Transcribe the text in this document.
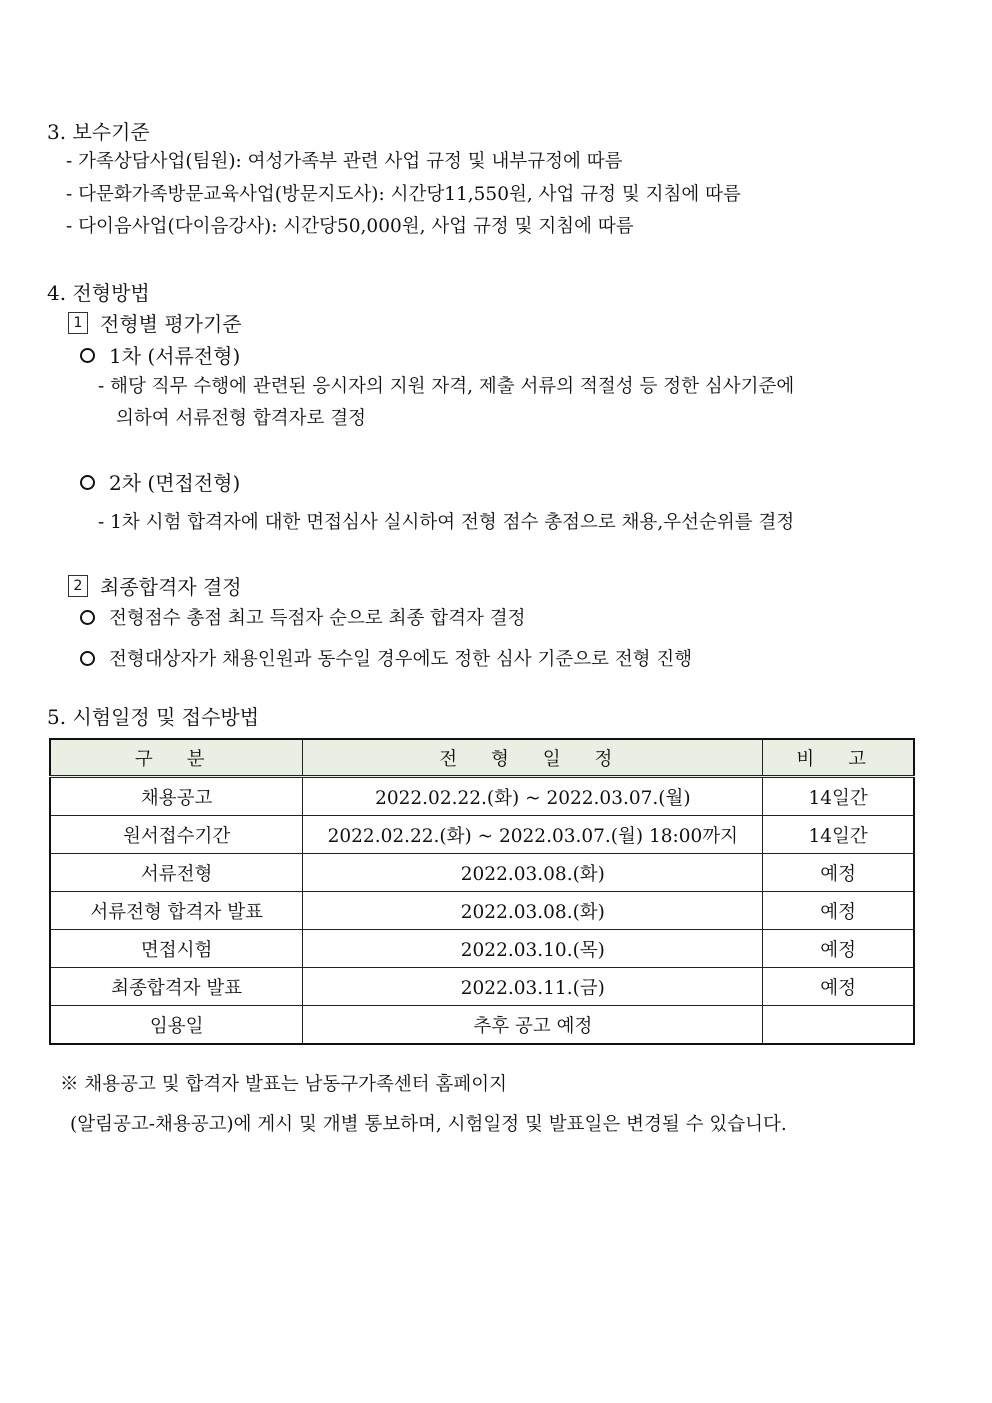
3. 보수기준
- 가족상담사업(팀원): 여성가족부 관련 사업 규정 및 내부규정에 따름
- 다문화가족방문교육사업(방문지도사): 시간당11,550원, 사업 규정 및 지침에 따름
- 다이음사업(다이음강사): 시간당50,000원, 사업 규정 및 지침에 따름
4. 전형방법
1 전형별 평가기준
1차 (서류전형)
- 해당 직무 수행에 관련된 응시자의 지원 자격, 제출 서류의 적절성 등 정한 심사기준에
의하여 서류전형 합격자로 결정
2차 (면접전형)
- 1차 시험 합격자에 대한 면접심사 실시하여 전형 점수 총점으로 채용,우선순위를 결정
2 최종합격자 결정
전형점수 총점 최고 득점자 순으로 최종 합격자 결정
전형대상자가 채용인원과 동수일 경우에도 정한 심사 기준으로 전형 진행
5. 시험일정 및 접수방법
구 분	전 형 일 정	비 고
채용공고	2022.02.22.(화) ~ 2022.03.07.(월)	14일간
원서접수기간	2022.02.22.(화) ~ 2022.03.07.(월) 18:00까지	14일간
서류전형	2022.03.08.(화)	예정
서류전형 합격자 발표	2022.03.08.(화)	예정
면접시험	2022.03.10.(목)	예정
최종합격자 발표	2022.03.11.(금)	예정
임용일	추후 공고 예정	
※ 채용공고 및 합격자 발표는 남동구가족센터 홈페이지
(알림공고-채용공고)에 게시 및 개별 통보하며, 시험일정 및 발표일은 변경될 수 있습니다.
